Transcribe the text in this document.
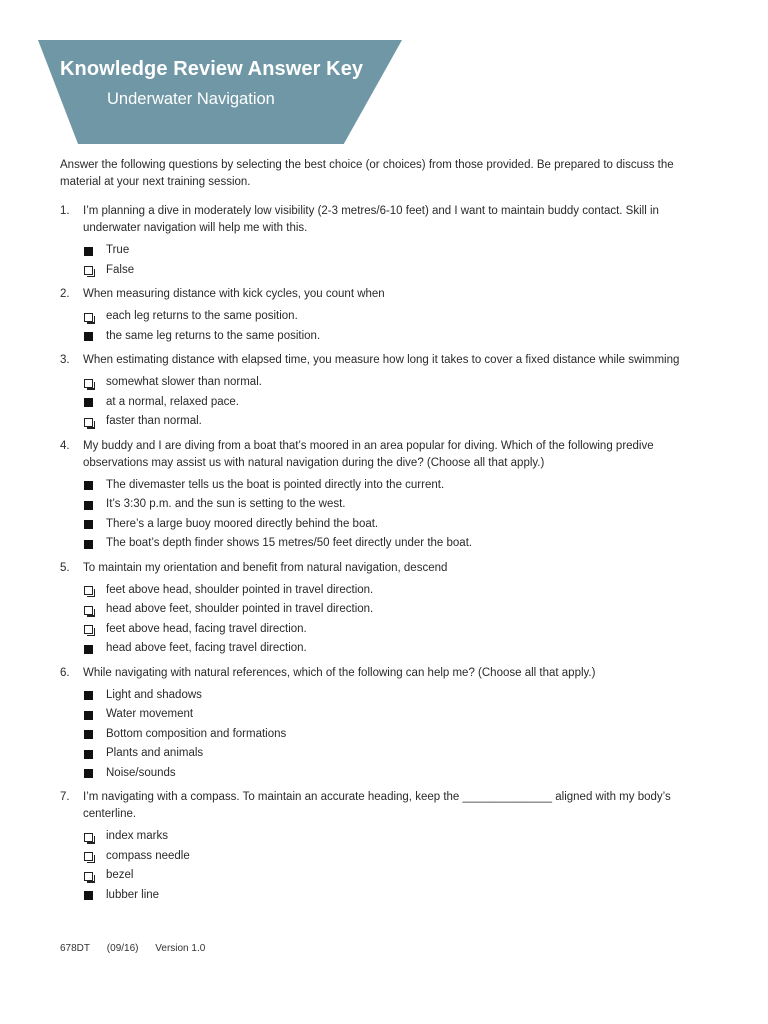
Knowledge Review Answer Key
Underwater Navigation
Answer the following questions by selecting the best choice (or choices) from those provided. Be prepared to discuss the material at your next training session.
1. I’m planning a dive in moderately low visibility (2-3 metres/6-10 feet) and I want to maintain buddy contact. Skill in underwater navigation will help me with this.
True
False
2. When measuring distance with kick cycles, you count when
each leg returns to the same position.
the same leg returns to the same position.
3. When estimating distance with elapsed time, you measure how long it takes to cover a fixed distance while swimming
somewhat slower than normal.
at a normal, relaxed pace.
faster than normal.
4. My buddy and I are diving from a boat that’s moored in an area popular for diving. Which of the following predive observations may assist us with natural navigation during the dive? (Choose all that apply.)
The divemaster tells us the boat is pointed directly into the current.
It’s 3:30 p.m. and the sun is setting to the west.
There’s a large buoy moored directly behind the boat.
The boat’s depth finder shows 15 metres/50 feet directly under the boat.
5. To maintain my orientation and benefit from natural navigation, descend
feet above head, shoulder pointed in travel direction.
head above feet, shoulder pointed in travel direction.
feet above head, facing travel direction.
head above feet, facing travel direction.
6. While navigating with natural references, which of the following can help me? (Choose all that apply.)
Light and shadows
Water movement
Bottom composition and formations
Plants and animals
Noise/sounds
7. I’m navigating with a compass. To maintain an accurate heading, keep the ______________ aligned with my body’s centerline.
index marks
compass needle
bezel
lubber line
678DT (09/16) Version 1.0
